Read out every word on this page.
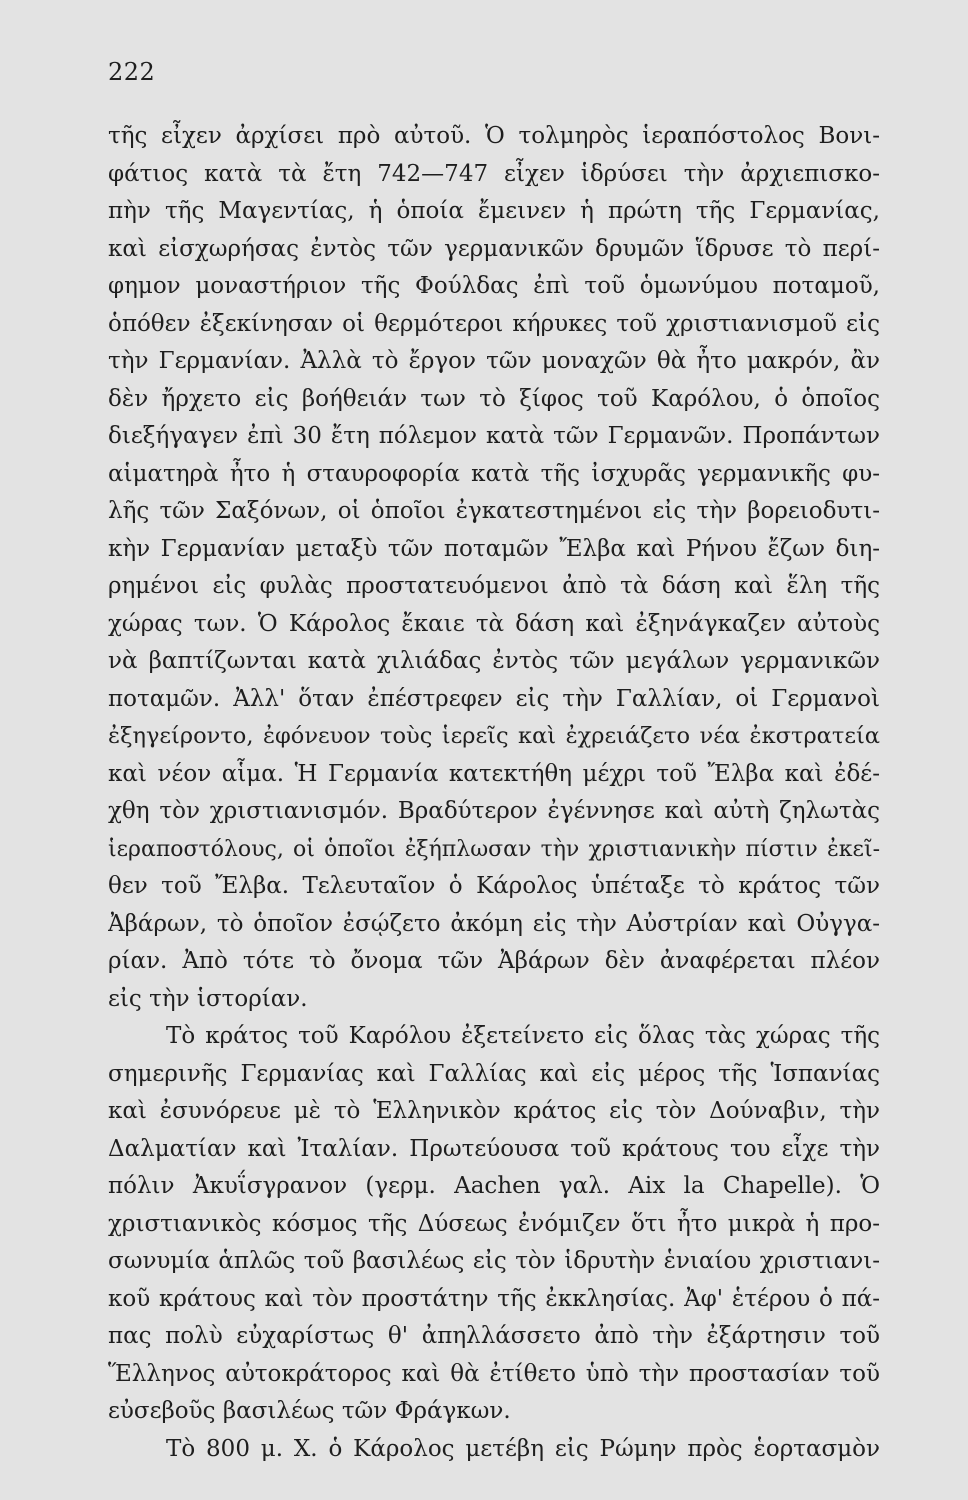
222

τῆς εἶχεν ἀρχίσει πρὸ αὐτοῦ. Ὁ τολμηρὸς ἱεραπόστολος Βονι-
φάτιος κατὰ τὰ ἔτη 742—747 εἶχεν ἱδρύσει τὴν ἀρχιεπισκο-
πὴν τῆς Μαγεντίας, ἡ ὁποία ἔμεινεν ἡ πρώτη τῆς Γερμανίας,
καὶ εἰσχωρήσας ἐντὸς τῶν γερμανικῶν δρυμῶν ἵδρυσε τὸ περί-
φημον μοναστήριον τῆς Φούλδας ἐπὶ τοῦ ὁμωνύμου ποταμοῦ,
ὁπόθεν ἐξεκίνησαν οἱ θερμότεροι κήρυκες τοῦ χριστιανισμοῦ εἰς
τὴν Γερμανίαν. Ἀλλὰ τὸ ἔργον τῶν μοναχῶν θὰ ἦτο μακρόν, ἂν
δὲν ἤρχετο εἰς βοήθειάν των τὸ ξίφος τοῦ Καρόλου, ὁ ὁποῖος
διεξήγαγεν ἐπὶ 30 ἔτη πόλεμον κατὰ τῶν Γερμανῶν. Προπάντων
αἱματηρὰ ἦτο ἡ σταυροφορία κατὰ τῆς ἰσχυρᾶς γερμανικῆς φυ-
λῆς τῶν Σαξόνων, οἱ ὁποῖοι ἐγκατεστημένοι εἰς τὴν βορειοδυτι-
κὴν Γερμανίαν μεταξὺ τῶν ποταμῶν Ἔλβα καὶ Ρήνου ἔζων διη-
ρημένοι εἰς φυλὰς προστατευόμενοι ἀπὸ τὰ δάση καὶ ἕλη τῆς
χώρας των. Ὁ Κάρολος ἔκαιε τὰ δάση καὶ ἐξηνάγκαζεν αὐτοὺς
νὰ βαπτίζωνται κατὰ χιλιάδας ἐντὸς τῶν μεγάλων γερμανικῶν
ποταμῶν. Ἀλλ' ὅταν ἐπέστρεφεν εἰς τὴν Γαλλίαν, οἱ Γερμανοὶ
ἐξηγείροντο, ἐφόνευον τοὺς ἱερεῖς καὶ ἐχρειάζετο νέα ἐκστρατεία
καὶ νέον αἷμα. Ἡ Γερμανία κατεκτήθη μέχρι τοῦ Ἔλβα καὶ ἐδέ-
χθη τὸν χριστιανισμόν. Βραδύτερον ἐγέννησε καὶ αὐτὴ ζηλωτὰς
ἱεραποστόλους, οἱ ὁποῖοι ἐξήπλωσαν τὴν χριστιανικὴν πίστιν ἐκεῖ-
θεν τοῦ Ἔλβα. Τελευταῖον ὁ Κάρολος ὑπέταξε τὸ κράτος τῶν
Ἀβάρων, τὸ ὁποῖον ἐσῴζετο ἀκόμη εἰς τὴν Αὐστρίαν καὶ Οὐγγα-
ρίαν. Ἀπὸ τότε τὸ ὄνομα τῶν Ἀβάρων δὲν ἀναφέρεται πλέον
εἰς τὴν ἱστορίαν.
Τὸ κράτος τοῦ Καρόλου ἐξετείνετο εἰς ὅλας τὰς χώρας τῆς
σημερινῆς Γερμανίας καὶ Γαλλίας καὶ εἰς μέρος τῆς Ἱσπανίας
καὶ ἐσυνόρευε μὲ τὸ Ἑλληνικὸν κράτος εἰς τὸν Δούναβιν, τὴν
Δαλματίαν καὶ Ἰταλίαν. Πρωτεύουσα τοῦ κράτους του εἶχε τὴν
πόλιν Ἀκυΐσγρανον (γερμ. Aachen γαλ. Aix la Chapelle). Ὁ
χριστιανικὸς κόσμος τῆς Δύσεως ἐνόμιζεν ὅτι ἦτο μικρὰ ἡ προ-
σωνυμία ἁπλῶς τοῦ βασιλέως εἰς τὸν ἱδρυτὴν ἑνιαίου χριστιανι-
κοῦ κράτους καὶ τὸν προστάτην τῆς ἐκκλησίας. Ἀφ' ἑτέρου ὁ πά-
πας πολὺ εὐχαρίστως θ' ἀπηλλάσσετο ἀπὸ τὴν ἐξάρτησιν τοῦ
Ἕλληνος αὐτοκράτορος καὶ θὰ ἐτίθετο ὑπὸ τὴν προστασίαν τοῦ
εὐσεβοῦς βασιλέως τῶν Φράγκων.
Τὸ 800 μ. Χ. ὁ Κάρολος μετέβη εἰς Ρώμην πρὸς ἑορτασμὸν
